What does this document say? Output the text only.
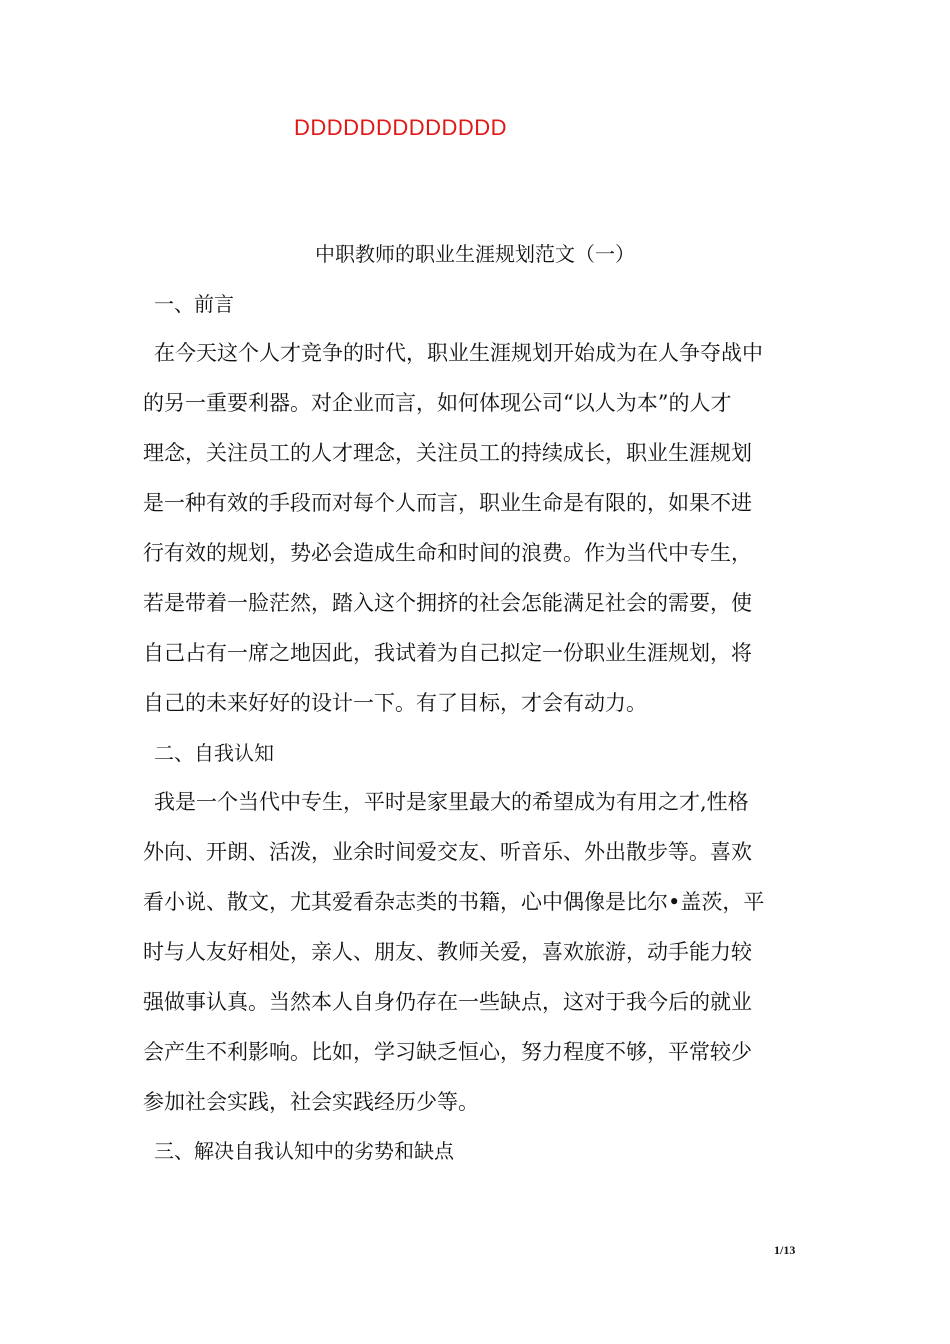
DDDDDDDDDDDDD
中职教师的职业生涯规划范文（一）
一、前言
在今天这个人才竞争的时代，职业生涯规划开始成为在人争夺战中
的另一重要利器。对企业而言，如何体现公司“以人为本”的人才
理念，关注员工的人才理念，关注员工的持续成长，职业生涯规划
是一种有效的手段而对每个人而言，职业生命是有限的，如果不进
行有效的规划，势必会造成生命和时间的浪费。作为当代中专生，
若是带着一脸茫然，踏入这个拥挤的社会怎能满足社会的需要，使
自己占有一席之地因此，我试着为自己拟定一份职业生涯规划，将
自己的未来好好的设计一下。有了目标，才会有动力。
二、自我认知
我是一个当代中专生，平时是家里最大的希望成为有用之才,性格
外向、开朗、活泼，业余时间爱交友、听音乐、外出散步等。喜欢
看小说、散文，尤其爱看杂志类的书籍，心中偶像是比尔•盖茨，平
时与人友好相处，亲人、朋友、教师关爱，喜欢旅游，动手能力较
强做事认真。当然本人自身仍存在一些缺点，这对于我今后的就业
会产生不利影响。比如，学习缺乏恒心，努力程度不够，平常较少
参加社会实践，社会实践经历少等。
三、解决自我认知中的劣势和缺点
1/13
